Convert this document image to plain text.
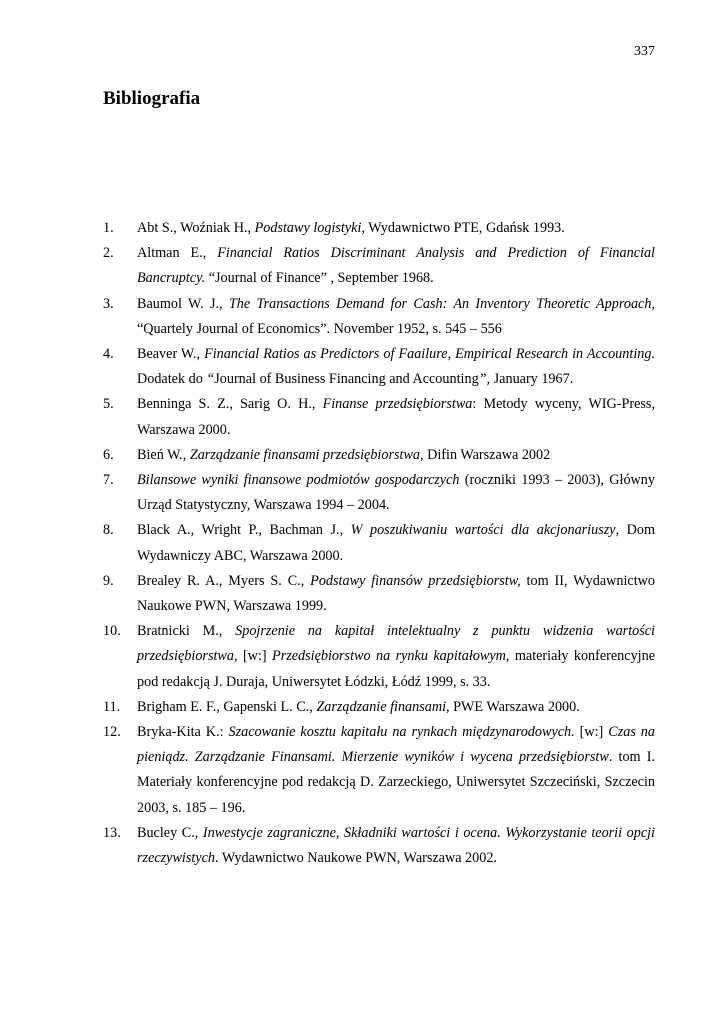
337
Bibliografia
1.	Abt S., Woźniak H., Podstawy logistyki, Wydawnictwo PTE, Gdańsk 1993.

2.	Altman E., Financial Ratios Discriminant Analysis and Prediction of Financial Bancruptcy. “Journal of Finance” , September 1968.

3.	Baumol W. J., The Transactions Demand for Cash: An Inventory Theoretic Approach, “Quartely Journal of Economics”. November 1952, s. 545 – 556

4.	Beaver W., Financial Ratios as Predictors of Faailure, Empirical Research in Accounting. Dodatek do “Journal of Business Financing and Accounting”, January 1967.

5.	Benninga S. Z., Sarig O. H., Finanse przedsiębiorstwa: Metody wyceny, WIG-Press, Warszawa 2000.

6.	Bień W., Zarządzanie finansami przedsiębiorstwa, Difin Warszawa 2002

7.	Bilansowe wyniki finansowe podmiotów gospodarczych (roczniki 1993 – 2003), Główny Urząd Statystyczny, Warszawa 1994 – 2004.

8.	Black A., Wright P., Bachman J., W poszukiwaniu wartości dla akcjonariuszy, Dom Wydawniczy ABC, Warszawa 2000.

9.	Brealey R. A., Myers S. C., Podstawy finansów przedsiębiorstw, tom II, Wydawnictwo Naukowe PWN, Warszawa 1999.

10.	Bratnicki M., Spojrzenie na kapitał intelektualny z punktu widzenia wartości przedsiębiorstwa, [w:] Przedsiębiorstwo na rynku kapitałowym, materiały konferencyjne pod redakcją J. Duraja, Uniwersytet Łódzki, Łódź 1999, s. 33.

11.	Brigham E. F., Gapenski L. C., Zarządzanie finansami, PWE Warszawa 2000.

12.	Bryka-Kita K.: Szacowanie kosztu kapitału na rynkach międzynarodowych. [w:] Czas na pieniądz. Zarządzanie Finansami. Mierzenie wyników i wycena przedsiębiorstw. tom I. Materiały konferencyjne pod redakcją D. Zarzeckiego, Uniwersytet Szczeciński, Szczecin 2003, s. 185 – 196.

13.	Bucley C., Inwestycje zagraniczne, Składniki wartości i ocena. Wykorzystanie teorii opcji rzeczywistych. Wydawnictwo Naukowe PWN, Warszawa 2002.
